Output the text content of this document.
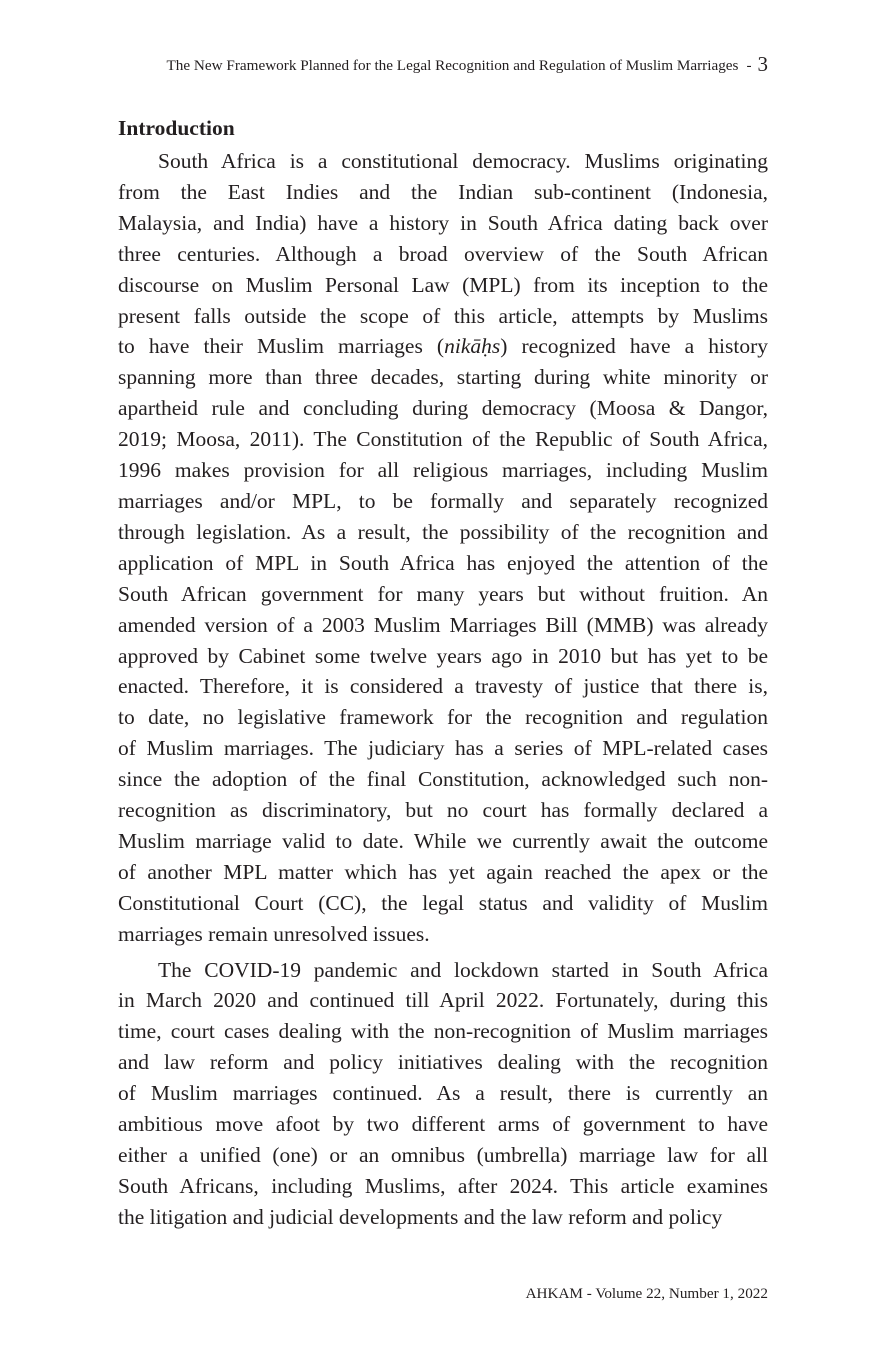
The New Framework Planned for the Legal Recognition and Regulation of Muslim Marriages - 3
Introduction

South Africa is a constitutional democracy. Muslims originating
from the East Indies and the Indian sub-continent (Indonesia,
Malaysia, and India) have a history in South Africa dating back over
three centuries. Although a broad overview of the South African
discourse on Muslim Personal Law (MPL) from its inception to the
present falls outside the scope of this article, attempts by Muslims
to have their Muslim marriages (nikāḥs) recognized have a history
spanning more than three decades, starting during white minority or
apartheid rule and concluding during democracy (Moosa & Dangor,
2019; Moosa, 2011). The Constitution of the Republic of South Africa,
1996 makes provision for all religious marriages, including Muslim
marriages and/or MPL, to be formally and separately recognized
through legislation. As a result, the possibility of the recognition and
application of MPL in South Africa has enjoyed the attention of the
South African government for many years but without fruition. An
amended version of a 2003 Muslim Marriages Bill (MMB) was already
approved by Cabinet some twelve years ago in 2010 but has yet to be
enacted. Therefore, it is considered a travesty of justice that there is,
to date, no legislative framework for the recognition and regulation
of Muslim marriages. The judiciary has a series of MPL-related cases
since the adoption of the final Constitution, acknowledged such non-
recognition as discriminatory, but no court has formally declared a
Muslim marriage valid to date. While we currently await the outcome
of another MPL matter which has yet again reached the apex or the
Constitutional Court (CC), the legal status and validity of Muslim
marriages remain unresolved issues.

The COVID-19 pandemic and lockdown started in South Africa
in March 2020 and continued till April 2022. Fortunately, during this
time, court cases dealing with the non-recognition of Muslim marriages
and law reform and policy initiatives dealing with the recognition
of Muslim marriages continued. As a result, there is currently an
ambitious move afoot by two different arms of government to have
either a unified (one) or an omnibus (umbrella) marriage law for all
South Africans, including Muslims, after 2024. This article examines
the litigation and judicial developments and the law reform and policy

AHKAM - Volume 22, Number 1, 2022
